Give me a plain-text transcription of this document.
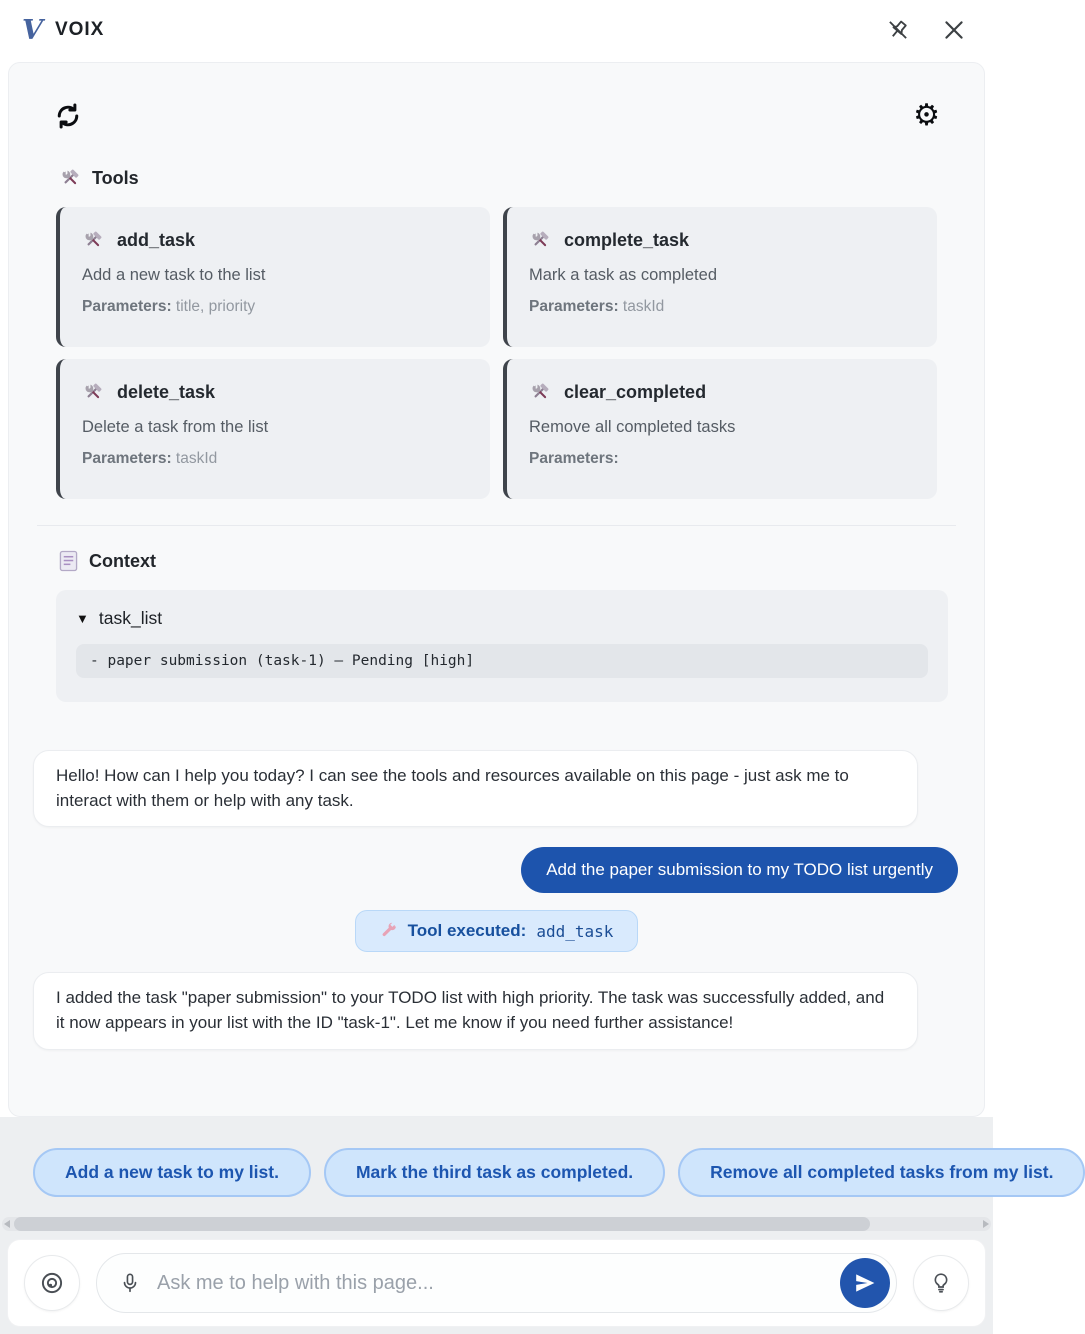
V VOIX
⚙
Tools
add_task
Add a new task to the list
Parameters: title, priority
complete_task
Mark a task as completed
Parameters: taskId
delete_task
Delete a task from the list
Parameters: taskId
clear_completed
Remove all completed tasks
Parameters:
Context
▼ task_list
- paper submission (task-1) – Pending [high]
Hello! How can I help you today? I can see the tools and resources available on this page - just ask me to interact with them or help with any task.
Add the paper submission to my TODO list urgently
Tool executed: add_task
I added the task "paper submission" to your TODO list with high priority. The task was successfully added, and it now appears in your list with the ID "task-1". Let me know if you need further assistance!
Add a new task to my list.	Mark the third task as completed.	Remove all completed tasks from my list.
Ask me to help with this page...
